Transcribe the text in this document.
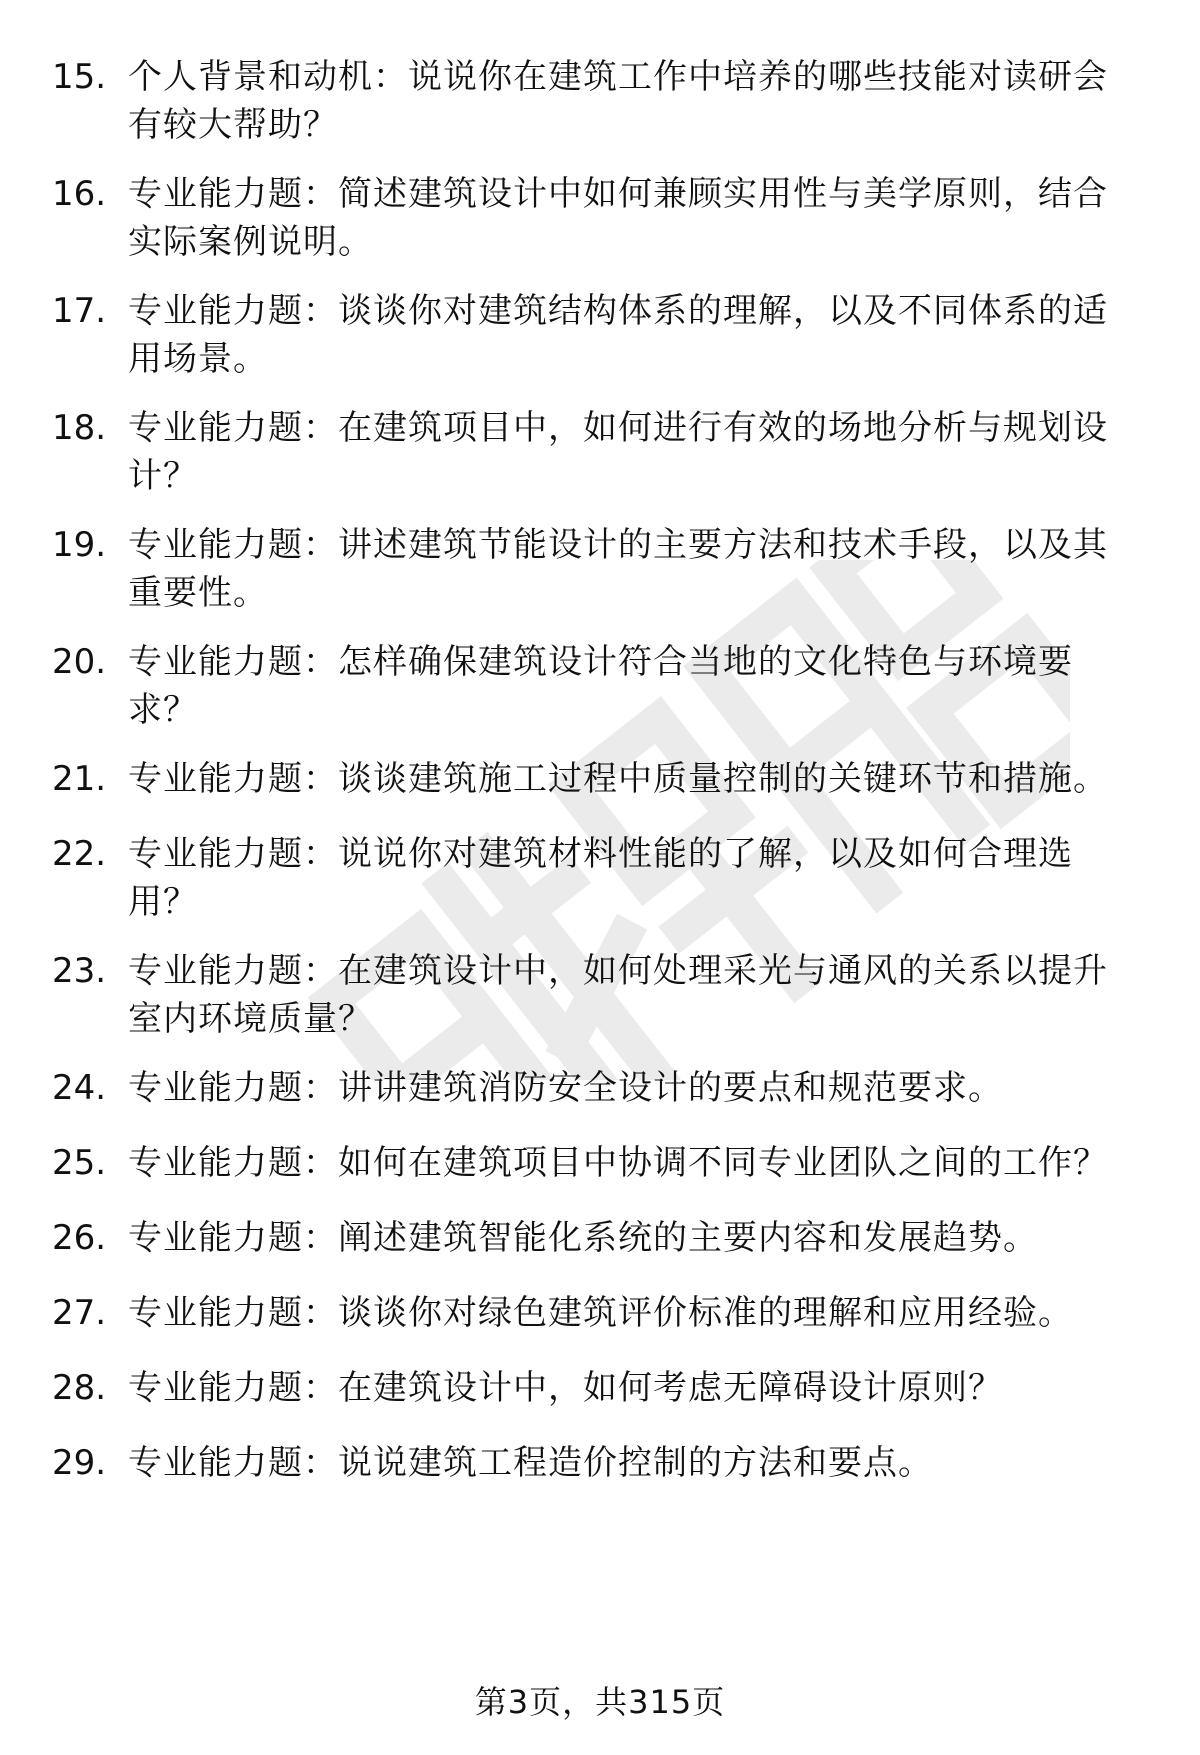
15. 个人背景和动机：说说你在建筑工作中培养的哪些技能对读研会有较大帮助？
16. 专业能力题：简述建筑设计中如何兼顾实用性与美学原则，结合实际案例说明。
17. 专业能力题：谈谈你对建筑结构体系的理解，以及不同体系的适用场景。
18. 专业能力题：在建筑项目中，如何进行有效的场地分析与规划设计？
19. 专业能力题：讲述建筑节能设计的主要方法和技术手段，以及其重要性。
20. 专业能力题：怎样确保建筑设计符合当地的文化特色与环境要求？
21. 专业能力题：谈谈建筑施工过程中质量控制的关键环节和措施。
22. 专业能力题：说说你对建筑材料性能的了解，以及如何合理选用？
23. 专业能力题：在建筑设计中，如何处理采光与通风的关系以提升室内环境质量？
24. 专业能力题：讲讲建筑消防安全设计的要点和规范要求。
25. 专业能力题：如何在建筑项目中协调不同专业团队之间的工作？
26. 专业能力题：阐述建筑智能化系统的主要内容和发展趋势。
27. 专业能力题：谈谈你对绿色建筑评价标准的理解和应用经验。
28. 专业能力题：在建筑设计中，如何考虑无障碍设计原则？
29. 专业能力题：说说建筑工程造价控制的方法和要点。
第3页，共315页
